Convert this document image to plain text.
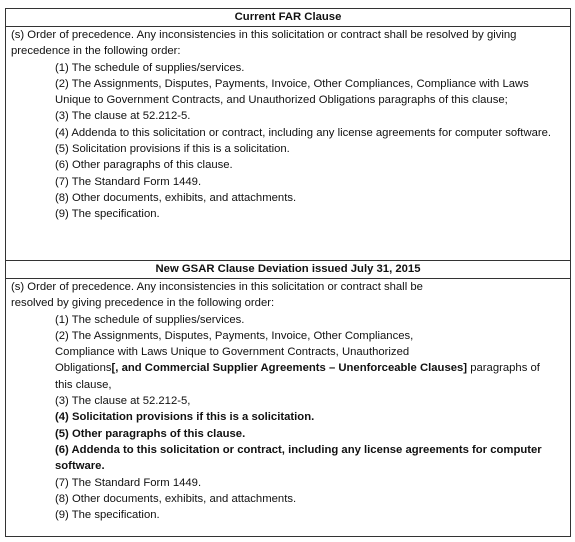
Current FAR Clause

(s) Order of precedence. Any inconsistencies in this solicitation or contract shall be resolved by giving precedence in the following order:

(1) The schedule of supplies/services.

(2) The Assignments, Disputes, Payments, Invoice, Other Compliances, Compliance with Laws Unique to Government Contracts, and Unauthorized Obligations paragraphs of this clause;

(3) The clause at 52.212-5.

(4) Addenda to this solicitation or contract, including any license agreements for computer software.

(5) Solicitation provisions if this is a solicitation.

(6) Other paragraphs of this clause.

(7) The Standard Form 1449.

(8) Other documents, exhibits, and attachments.

(9) The specification.

New GSAR Clause Deviation issued July 31, 2015

(s) Order of precedence. Any inconsistencies in this solicitation or contract shall be

resolved by giving precedence in the following order:

(1) The schedule of supplies/services.

(2) The Assignments, Disputes, Payments, Invoice, Other Compliances,

Compliance with Laws Unique to Government Contracts, Unauthorized

Obligations[, and Commercial Supplier Agreements – Unenforceable Clauses] paragraphs of

this clause,

(3) The clause at 52.212-5,

(4) Solicitation provisions if this is a solicitation.

(5) Other paragraphs of this clause.

(6) Addenda to this solicitation or contract, including any license agreements for computer software.

(7) The Standard Form 1449.

(8) Other documents, exhibits, and attachments.

(9) The specification.
